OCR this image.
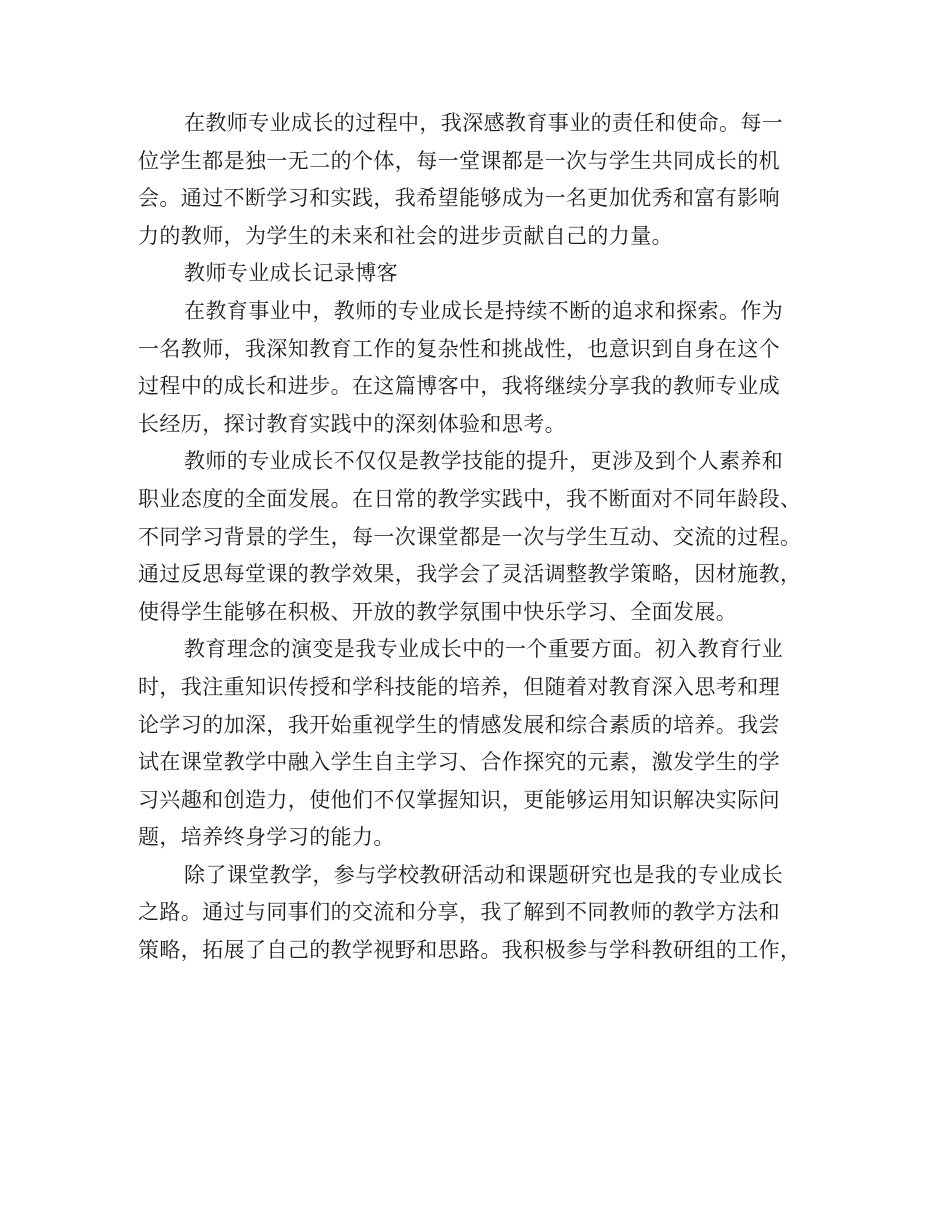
在教师专业成长的过程中，我深感教育事业的责任和使命。每一
位学生都是独一无二的个体，每一堂课都是一次与学生共同成长的机
会。通过不断学习和实践，我希望能够成为一名更加优秀和富有影响
力的教师，为学生的未来和社会的进步贡献自己的力量。
教师专业成长记录博客
在教育事业中，教师的专业成长是持续不断的追求和探索。作为
一名教师，我深知教育工作的复杂性和挑战性，也意识到自身在这个
过程中的成长和进步。在这篇博客中，我将继续分享我的教师专业成
长经历，探讨教育实践中的深刻体验和思考。
教师的专业成长不仅仅是教学技能的提升，更涉及到个人素养和
职业态度的全面发展。在日常的教学实践中，我不断面对不同年龄段、
不同学习背景的学生，每一次课堂都是一次与学生互动、交流的过程。
通过反思每堂课的教学效果，我学会了灵活调整教学策略，因材施教，
使得学生能够在积极、开放的教学氛围中快乐学习、全面发展。
教育理念的演变是我专业成长中的一个重要方面。初入教育行业
时，我注重知识传授和学科技能的培养，但随着对教育深入思考和理
论学习的加深，我开始重视学生的情感发展和综合素质的培养。我尝
试在课堂教学中融入学生自主学习、合作探究的元素，激发学生的学
习兴趣和创造力，使他们不仅掌握知识，更能够运用知识解决实际问
题，培养终身学习的能力。
除了课堂教学，参与学校教研活动和课题研究也是我的专业成长
之路。通过与同事们的交流和分享，我了解到不同教师的教学方法和
策略，拓展了自己的教学视野和思路。我积极参与学科教研组的工作，
